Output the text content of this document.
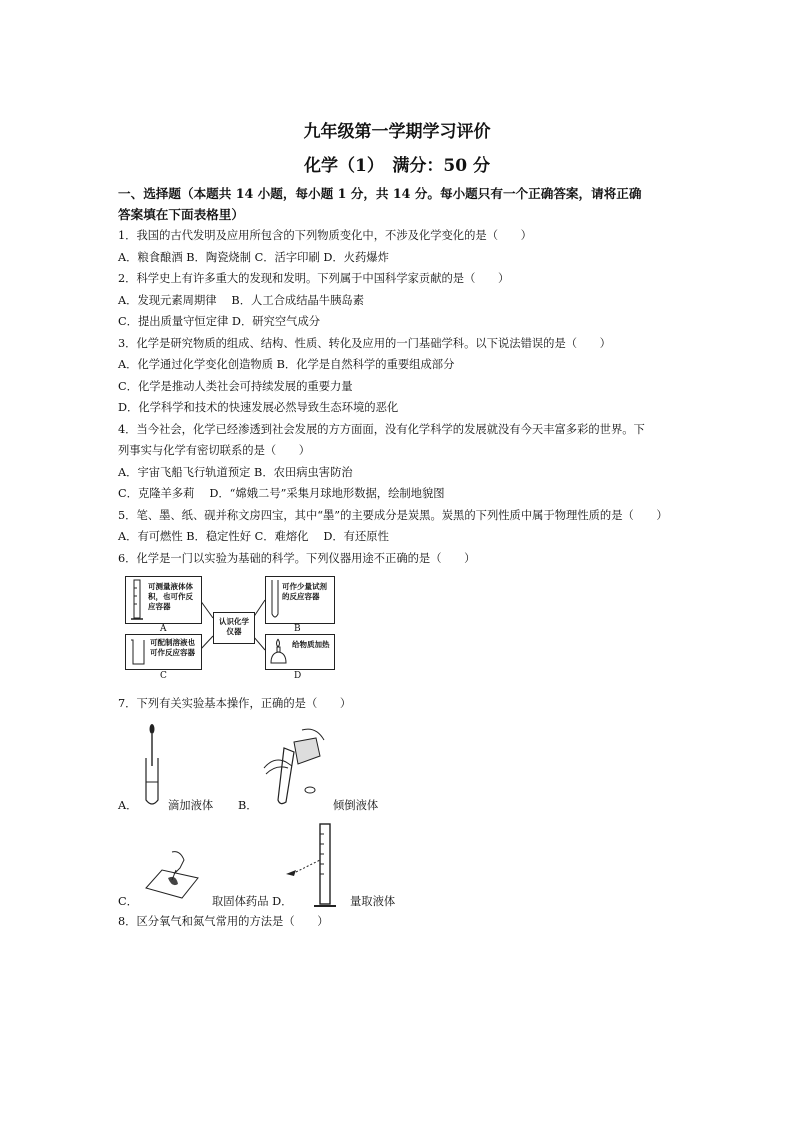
九年级第一学期学习评价
化学（1）　满分：50 分
一、选择题（本题共 14 小题，每小题 1 分，共 14 分。每小题只有一个正确答案，请将正确
答案填在下面表格里）
1．我国的古代发明及应用所包含的下列物质变化中，不涉及化学变化的是（　　）
A．粮食酿酒 B．陶瓷烧制 C．活字印刷 D．火药爆炸
2．科学史上有许多重大的发现和发明。下列属于中国科学家贡献的是（　　）
A．发现元素周期律　 B．人工合成结晶牛胰岛素
C．提出质量守恒定律 D．研究空气成分
3．化学是研究物质的组成、结构、性质、转化及应用的一门基础学科。以下说法错误的是（　　）
A．化学通过化学变化创造物质 B．化学是自然科学的重要组成部分
C．化学是推动人类社会可持续发展的重要力量
D．化学科学和技术的快速发展必然导致生态环境的恶化
4．当今社会，化学已经渗透到社会发展的方方面面，没有化学科学的发展就没有今天丰富多彩的世界。下
列事实与化学有密切联系的是（　　）
A．宇宙飞船飞行轨道预定 B．农田病虫害防治
C．克隆羊多莉　 D．“嫦娥二号”采集月球地形数据，绘制地貌图
5．笔、墨、纸、砚并称文房四宝，其中“墨”的主要成分是炭黑。炭黑的下列性质中属于物理性质的是（　　）
A．有可燃性 B．稳定性好 C．难熔化　 D．有还原性
6．化学是一门以实验为基础的科学。下列仪器用途不正确的是（　　）
可测量液体体积，也可作反应容器
A
可作少量试剂的反应容器
B
认识化学仪器
可配制溶液也可作反应容器
C
给物质加热
D
7．下列有关实验基本操作，正确的是（　　）
A．	滴加液体 B．	倾倒液体
C．	取固体药品 D．	量取液体
8．区分氧气和氮气常用的方法是（　　）
